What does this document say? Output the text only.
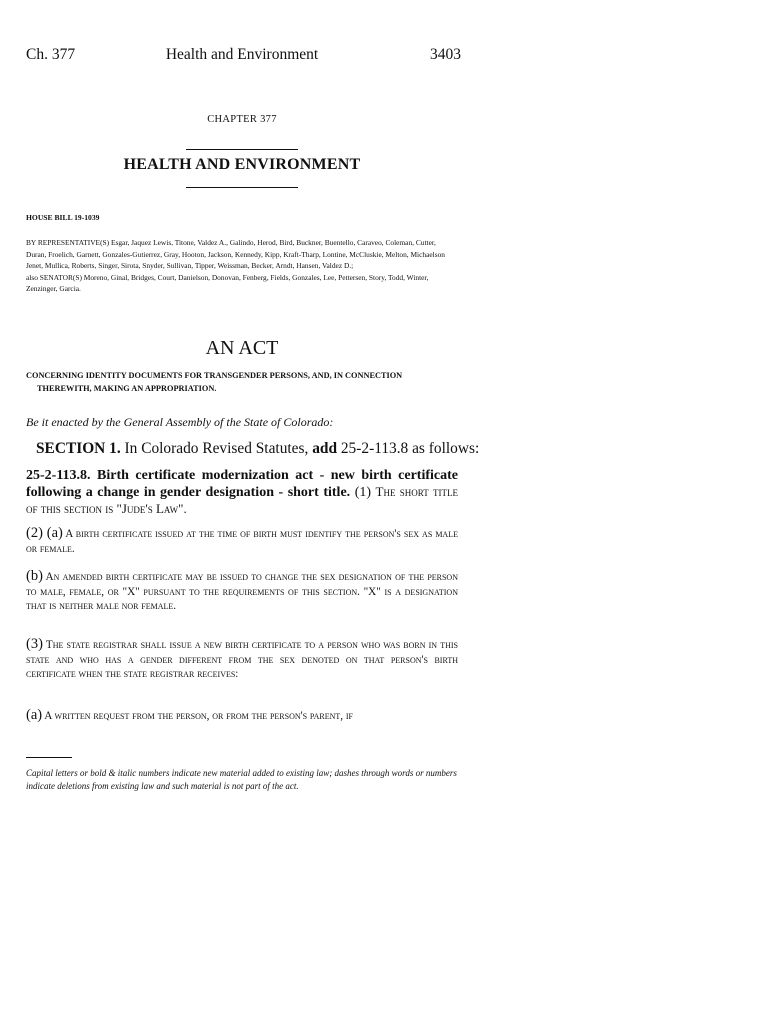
Ch. 377	Health and Environment	3403
CHAPTER 377
HEALTH AND ENVIRONMENT
HOUSE BILL 19-1039
BY REPRESENTATIVE(S) Esgar, Jaquez Lewis, Titone, Valdez A., Galindo, Herod, Bird, Buckner, Buentello, Caraveo, Coleman, Cutter, Duran, Froelich, Garnett, Gonzales-Gutierrez, Gray, Hooton, Jackson, Kennedy, Kipp, Kraft-Tharp, Lontine, McCluskie, Melton, Michaelson Jenet, Mullica, Roberts, Singer, Sirota, Snyder, Sullivan, Tipper, Weissman, Becker, Arndt, Hansen, Valdez D.;
also SENATOR(S) Moreno, Ginal, Bridges, Court, Danielson, Donovan, Fenberg, Fields, Gonzales, Lee, Pettersen, Story, Todd, Winter, Zenzinger, Garcia.
AN ACT
CONCERNING IDENTITY DOCUMENTS FOR TRANSGENDER PERSONS, AND, IN CONNECTION
THEREWITH, MAKING AN APPROPRIATION.
Be it enacted by the General Assembly of the State of Colorado:
SECTION 1. In Colorado Revised Statutes, add 25-2-113.8 as follows:
25-2-113.8. Birth certificate modernization act - new birth certificate following a change in gender designation - short title. (1) The short title of this section is "Jude's Law".
(2) (a) A birth certificate issued at the time of birth must identify the person's sex as male or female.
(b) An amended birth certificate may be issued to change the sex designation of the person to male, female, or "X" pursuant to the requirements of this section. "X" is a designation that is neither male nor female.
(3) The state registrar shall issue a new birth certificate to a person who was born in this state and who has a gender different from the sex denoted on that person's birth certificate when the state registrar receives:
(a) A written request from the person, or from the person's parent, if
Capital letters or bold & italic numbers indicate new material added to existing law; dashes through words or numbers indicate deletions from existing law and such material is not part of the act.
